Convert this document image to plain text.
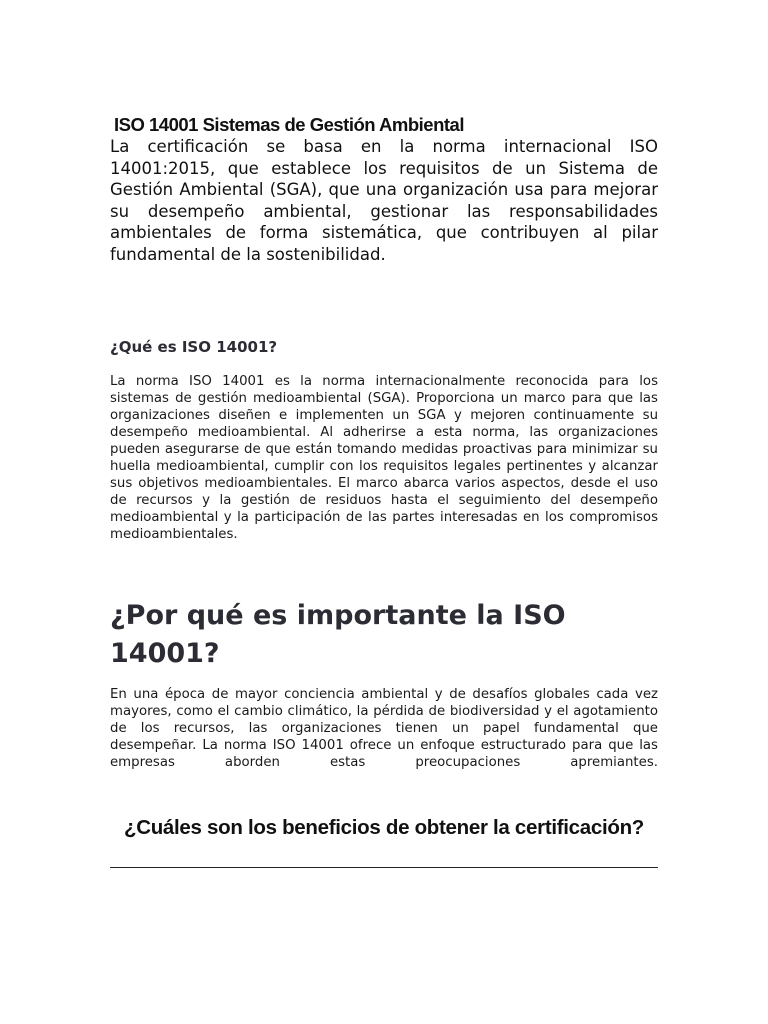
ISO 14001 Sistemas de Gestión Ambiental

La certificación se basa en la norma internacional ISO 14001:2015, que establece los requisitos de un Sistema de Gestión Ambiental (SGA), que una organización usa para mejorar su desempeño ambiental, gestionar las responsabilidades ambientales de forma sistemática, que contribuyen al pilar fundamental de la sostenibilidad.

¿Qué es ISO 14001?

La norma ISO 14001 es la norma internacionalmente reconocida para los sistemas de gestión medioambiental (SGA). Proporciona un marco para que las organizaciones diseñen e implementen un SGA y mejoren continuamente su desempeño medioambiental. Al adherirse a esta norma, las organizaciones pueden asegurarse de que están tomando medidas proactivas para minimizar su huella medioambiental, cumplir con los requisitos legales pertinentes y alcanzar sus objetivos medioambientales. El marco abarca varios aspectos, desde el uso de recursos y la gestión de residuos hasta el seguimiento del desempeño medioambiental y la participación de las partes interesadas en los compromisos medioambientales.

¿Por qué es importante la ISO 14001?

En una época de mayor conciencia ambiental y de desafíos globales cada vez mayores, como el cambio climático, la pérdida de biodiversidad y el agotamiento de los recursos, las organizaciones tienen un papel fundamental que desempeñar. La norma ISO 14001 ofrece un enfoque estructurado para que las empresas aborden estas preocupaciones apremiantes.

¿Cuáles son los beneficios de obtener la certificación?
